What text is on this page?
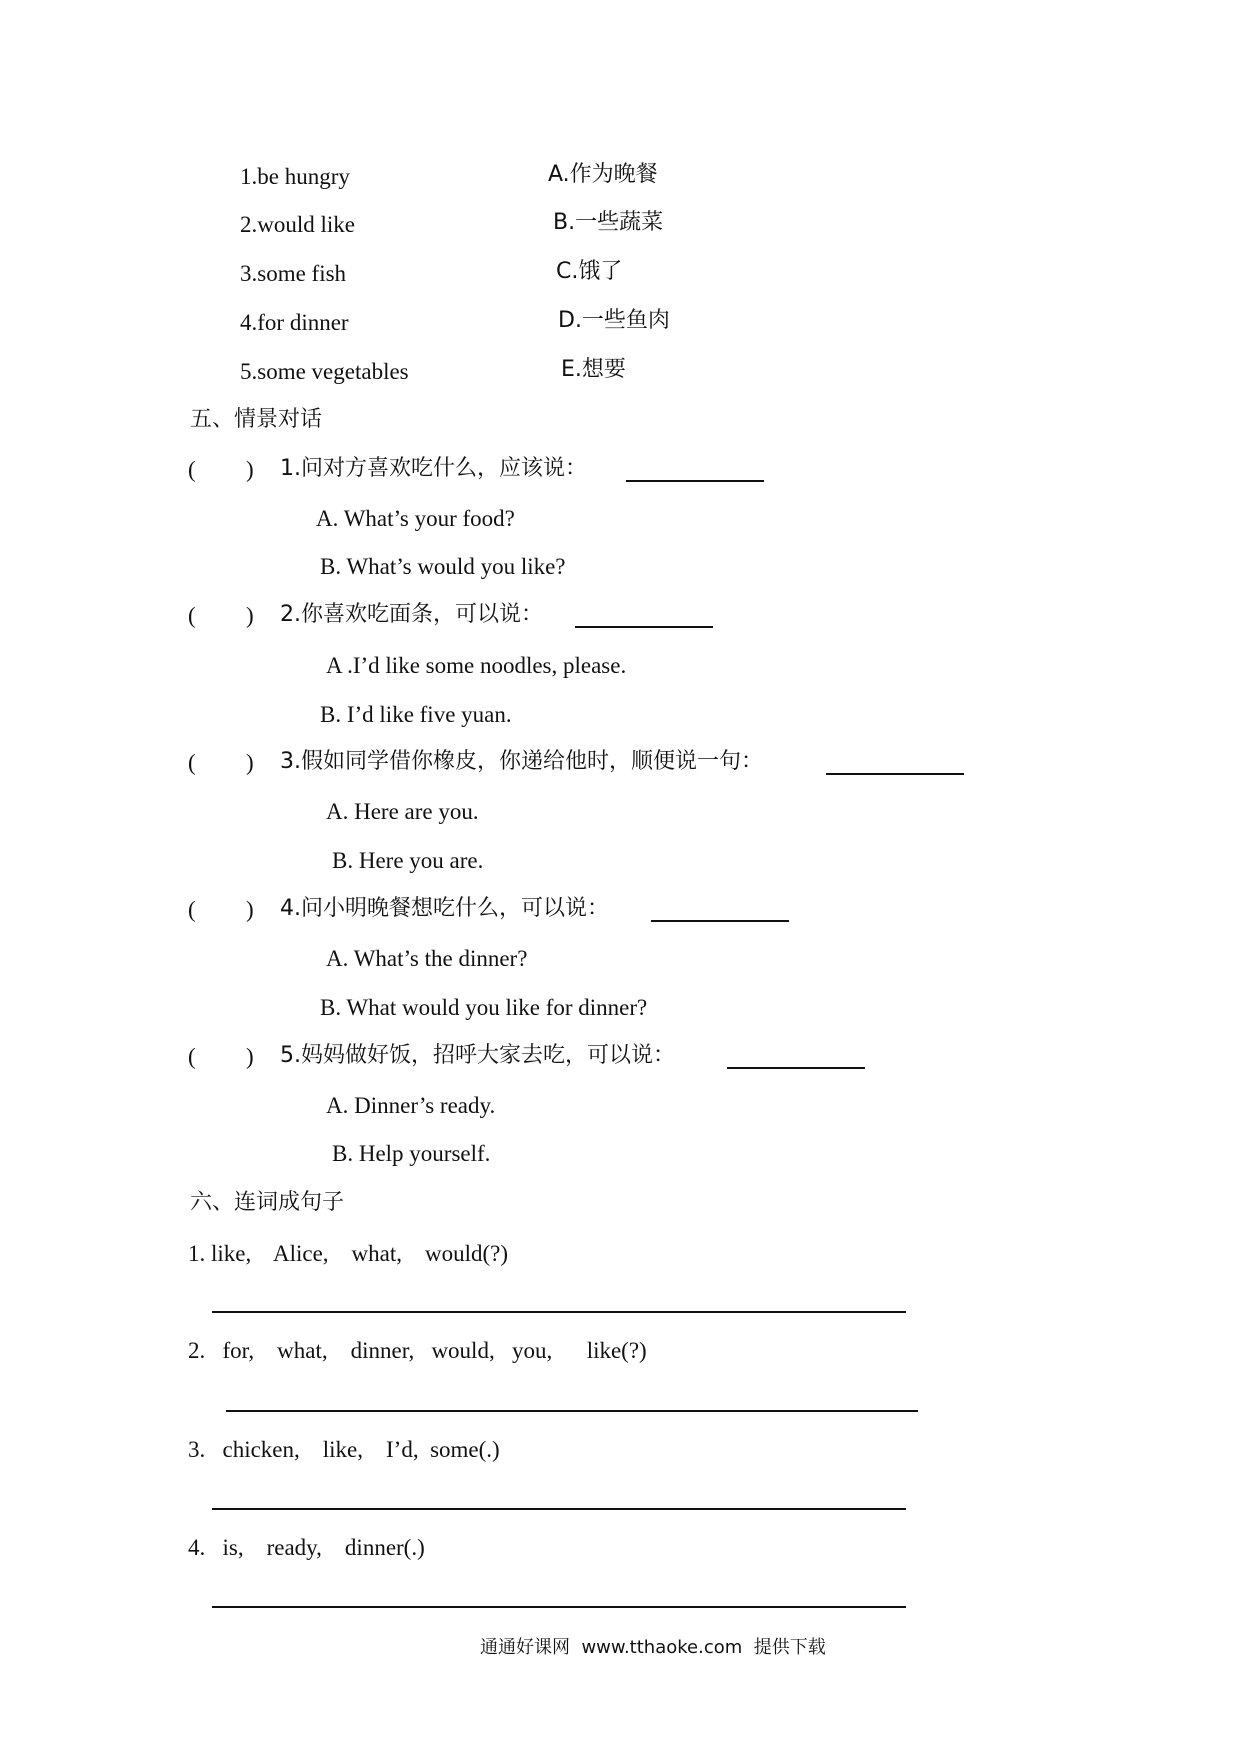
1.be hungry	A.作为晚餐
2.would like	B.一些蔬菜
3.some fish	C.饿了
4.for dinner	D.一些鱼肉
5.some vegetables	E.想要
五、情景对话
( ) 1.问对方喜欢吃什么，应该说：
A. What’s your food?
B. What’s would you like?
( ) 2.你喜欢吃面条，可以说：
A .I’d like some noodles, please.
B. I’d like five yuan.
( ) 3.假如同学借你橡皮，你递给他时，顺便说一句：
A. Here are you.
B. Here you are.
( ) 4.问小明晚餐想吃什么，可以说：
A. What’s the dinner?
B. What would you like for dinner?
( ) 5.妈妈做好饭，招呼大家去吃，可以说：
A. Dinner’s ready.
B. Help yourself.
六、连词成句子
1. like,    Alice,    what,    would(?)
2.   for,    what,    dinner,   would,   you,      like(?)
3.   chicken,    like,    I’d,  some(.)
4.   is,    ready,    dinner(.)
通通好课网  www.tthaoke.com  提供下载
